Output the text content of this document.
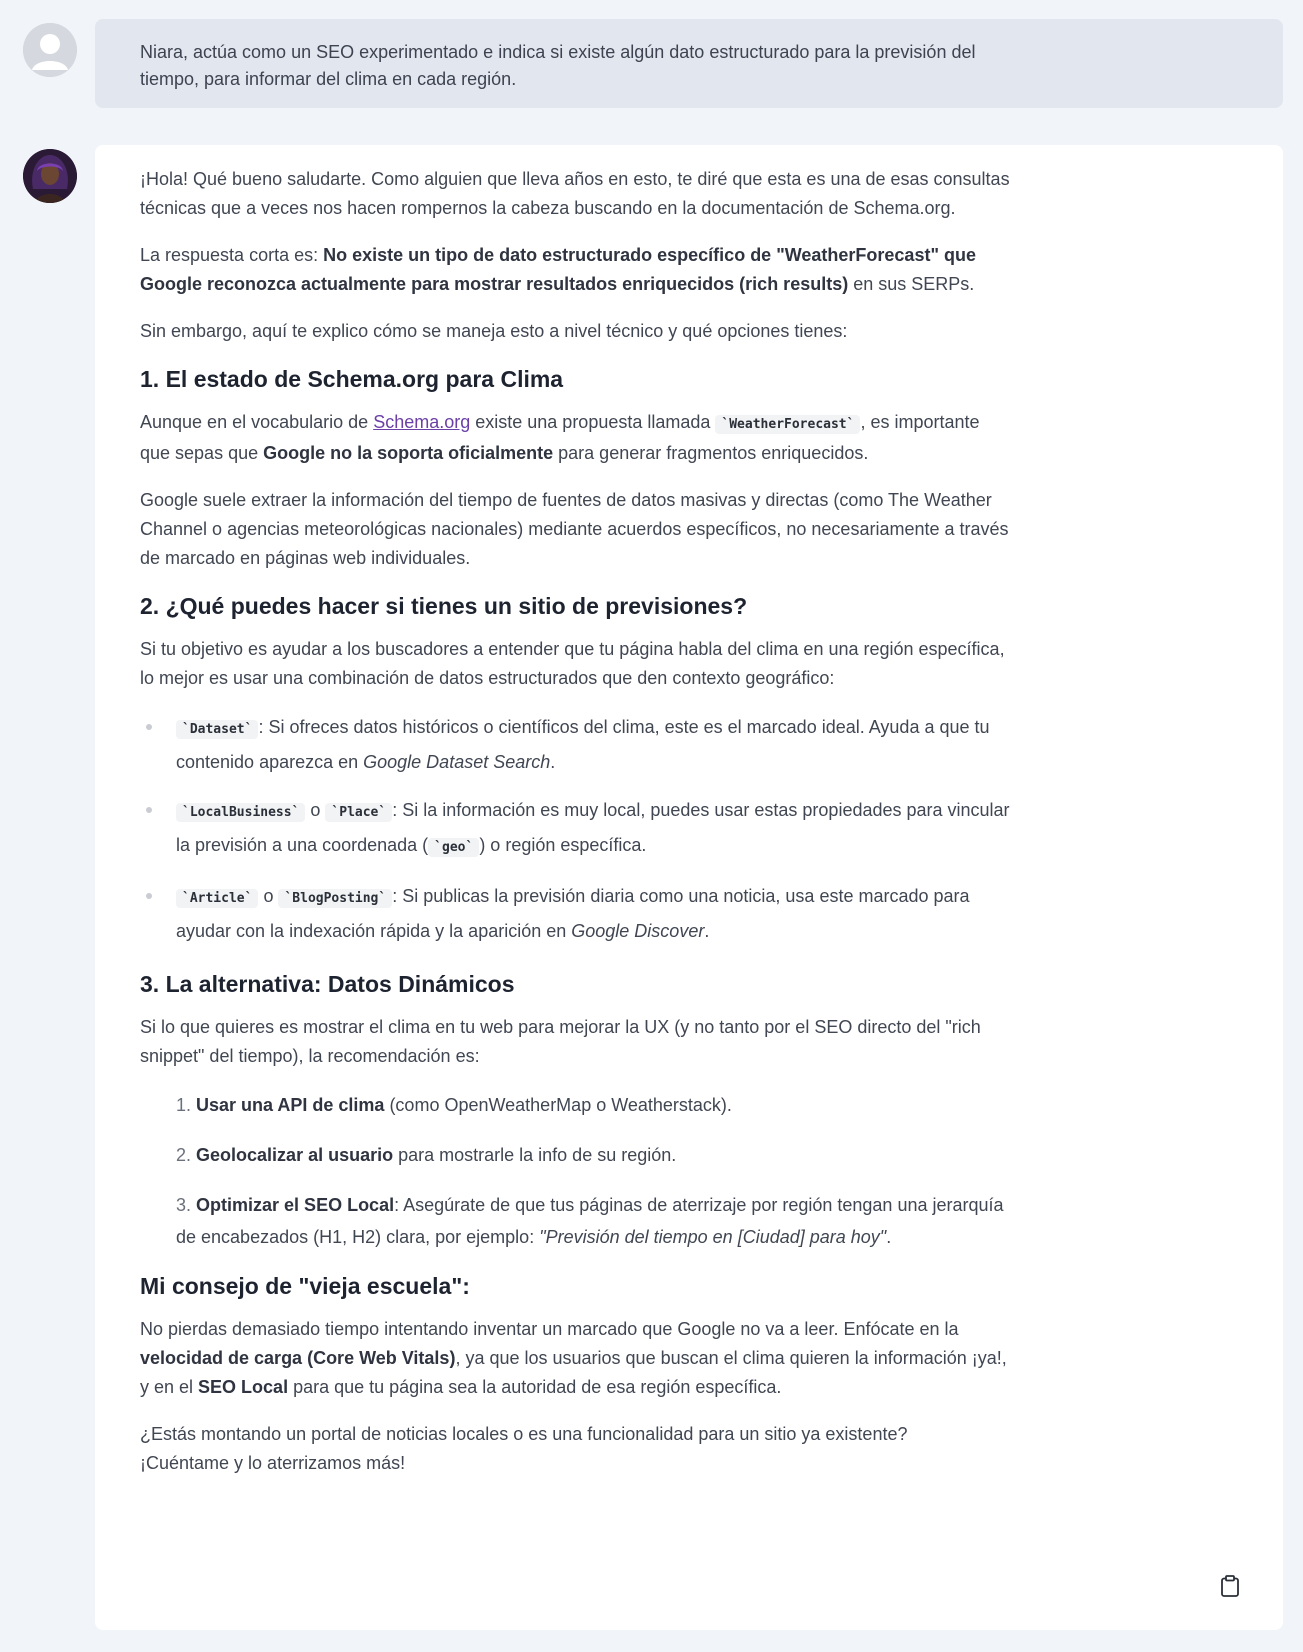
Niara, actúa como un SEO experimentado e indica si existe algún dato estructurado para la previsión del tiempo, para informar del clima en cada región.

¡Hola! Qué bueno saludarte. Como alguien que lleva años en esto, te diré que esta es una de esas consultas técnicas que a veces nos hacen rompernos la cabeza buscando en la documentación de Schema.org.

La respuesta corta es: No existe un tipo de dato estructurado específico de "WeatherForecast" que Google reconozca actualmente para mostrar resultados enriquecidos (rich results) en sus SERPs.

Sin embargo, aquí te explico cómo se maneja esto a nivel técnico y qué opciones tienes:

1. El estado de Schema.org para Clima

Aunque en el vocabulario de Schema.org existe una propuesta llamada `WeatherForecast` , es importante que sepas que Google no la soporta oficialmente para generar fragmentos enriquecidos.

Google suele extraer la información del tiempo de fuentes de datos masivas y directas (como The Weather Channel o agencias meteorológicas nacionales) mediante acuerdos específicos, no necesariamente a través de marcado en páginas web individuales.

2. ¿Qué puedes hacer si tienes un sitio de previsiones?

Si tu objetivo es ayudar a los buscadores a entender que tu página habla del clima en una región específica, lo mejor es usar una combinación de datos estructurados que den contexto geográfico:

`Dataset` : Si ofreces datos históricos o científicos del clima, este es el marcado ideal. Ayuda a que tu contenido aparezca en Google Dataset Search.
`LocalBusiness` o `Place` : Si la información es muy local, puedes usar estas propiedades para vincular la previsión a una coordenada ( `geo` ) o región específica.
`Article` o `BlogPosting` : Si publicas la previsión diaria como una noticia, usa este marcado para ayudar con la indexación rápida y la aparición en Google Discover.
3. La alternativa: Datos Dinámicos

Si lo que quieres es mostrar el clima en tu web para mejorar la UX (y no tanto por el SEO directo del "rich snippet" del tiempo), la recomendación es:

1. Usar una API de clima (como OpenWeatherMap o Weatherstack).
2. Geolocalizar al usuario para mostrarle la info de su región.
3. Optimizar el SEO Local: Asegúrate de que tus páginas de aterrizaje por región tengan una jerarquía de encabezados (H1, H2) clara, por ejemplo: "Previsión del tiempo en [Ciudad] para hoy".
Mi consejo de "vieja escuela":

No pierdas demasiado tiempo intentando inventar un marcado que Google no va a leer. Enfócate en la velocidad de carga (Core Web Vitals), ya que los usuarios que buscan el clima quieren la información ¡ya!, y en el SEO Local para que tu página sea la autoridad de esa región específica.

¿Estás montando un portal de noticias locales o es una funcionalidad para un sitio ya existente?
¡Cuéntame y lo aterrizamos más!
